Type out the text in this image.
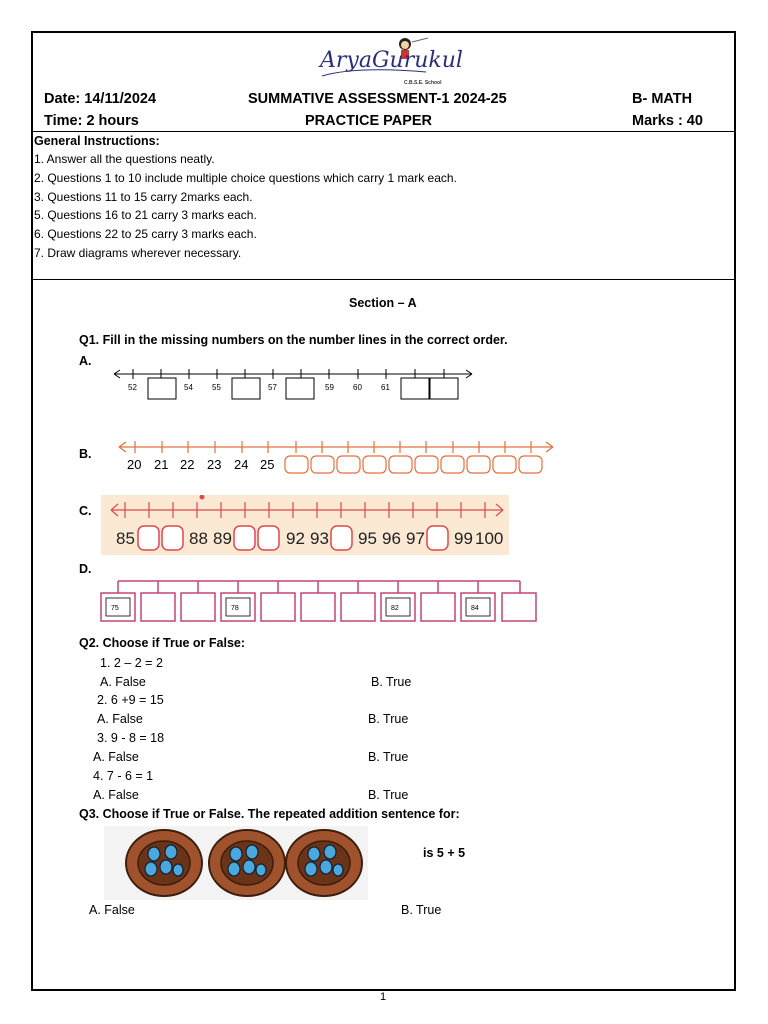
AryaGurukul
C.B.S.E. School
Date: 14/11/2024
Time: 2 hours
SUMMATIVE ASSESSMENT-1 2024-25
PRACTICE PAPER
B- MATH
Marks : 40
General Instructions:
1. Answer all the questions neatly.
2. Questions 1 to 10 include multiple choice questions which carry 1 mark each.
3. Questions 11 to 15 carry 2marks each.
5. Questions 16 to 21 carry 3 marks each.
6. Questions 22 to 25 carry 3 marks each.
7. Draw diagrams wherever necessary.
Section – A
Q1. Fill in the missing numbers on the number lines in the correct order.
A.
52	54 55	57	59 60 61
B.
20 21 22 23 24 25
C.
85	88 89	92 93 95 96 97 99 100
D.
75	78	82	84
Q2. Choose if True or False:
1. 2 – 2 = 2
A. False	B. True
2. 6 +9 = 15
A. False	B. True
3. 9 - 8 = 18
A. False	B. True
4. 7 - 6 = 1
A. False	B. True
Q3. Choose if True or False. The repeated addition sentence for:
is 5 + 5
A. False	B. True
1
